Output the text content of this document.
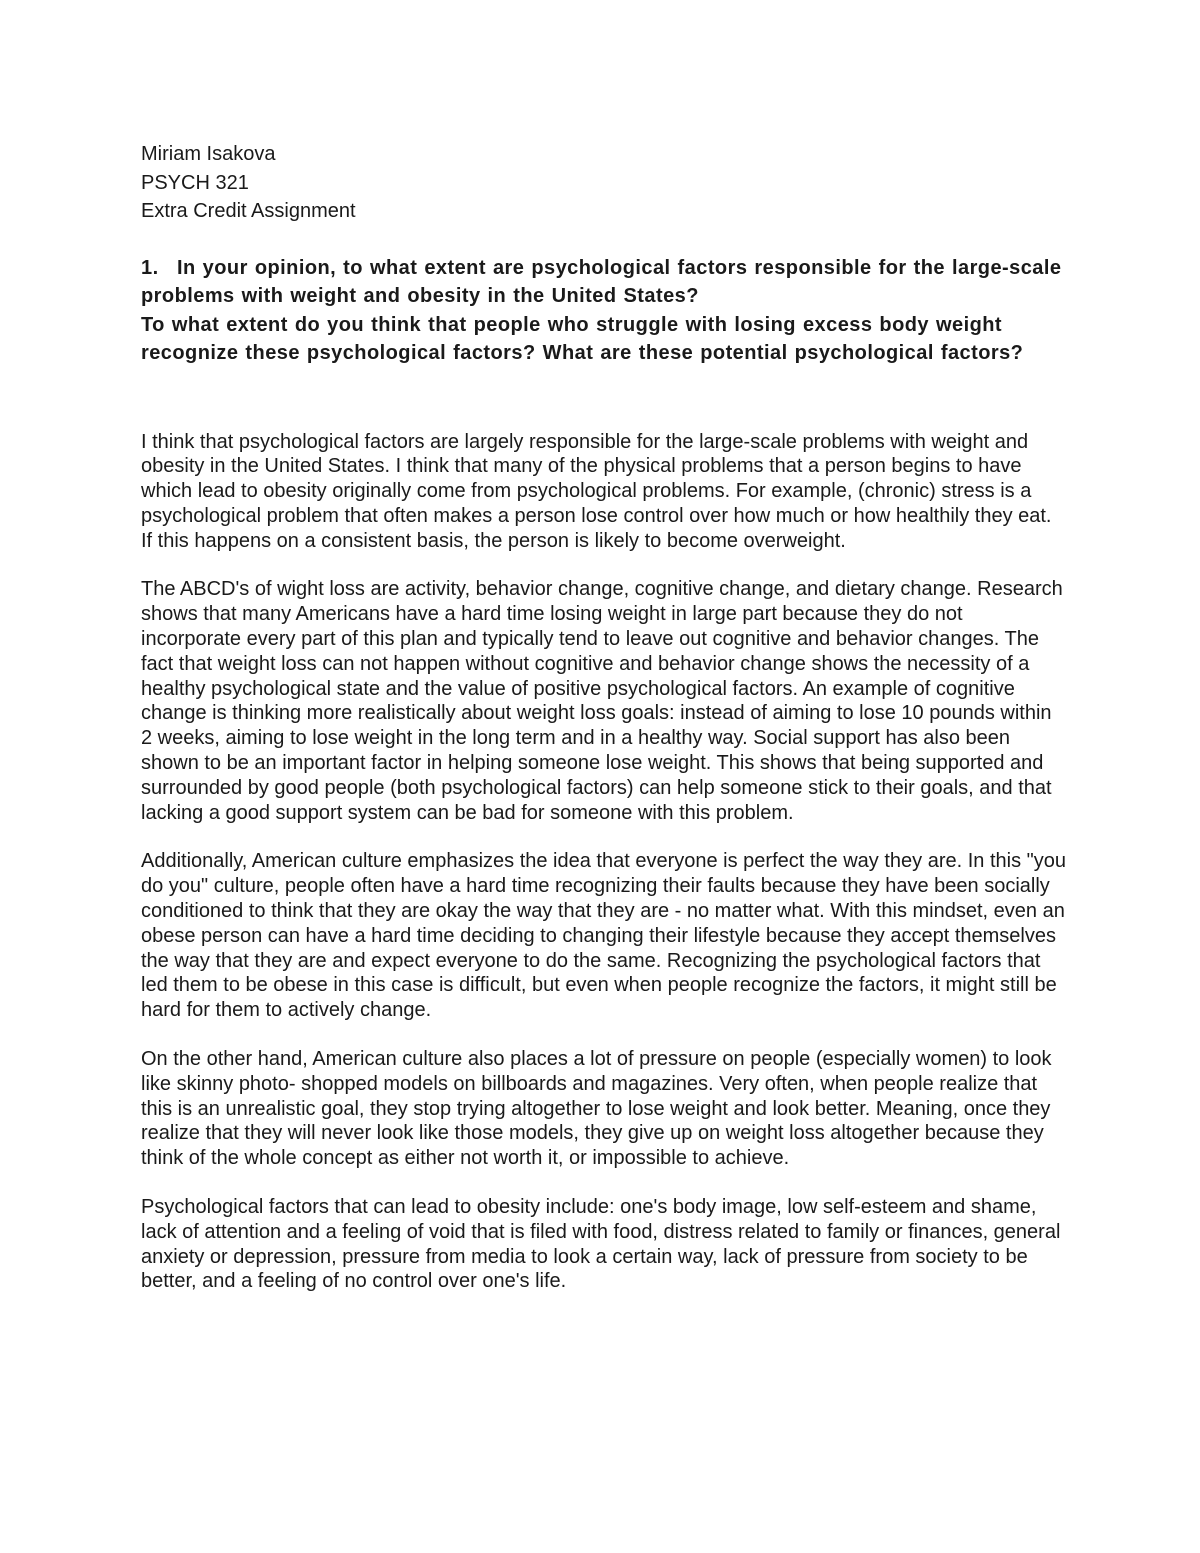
Miriam Isakova

PSYCH 321

Extra Credit Assignment

1. In your opinion, to what extent are psychological factors responsible for the large-scale problems with weight and obesity in the United States?

To what extent do you think that people who struggle with losing excess body weight recognize these psychological factors? What are these potential psychological factors?

I think that psychological factors are largely responsible for the large-scale problems with weight and obesity in the United States. I think that many of the physical problems that a person begins to have which lead to obesity originally come from psychological problems. For example, (chronic) stress is a psychological problem that often makes a person lose control over how much or how healthily they eat. If this happens on a consistent basis, the person is likely to become overweight.

The ABCD's of wight loss are activity, behavior change, cognitive change, and dietary change. Research shows that many Americans have a hard time losing weight in large part because they do not incorporate every part of this plan and typically tend to leave out cognitive and behavior changes. The fact that weight loss can not happen without cognitive and behavior change shows the necessity of a healthy psychological state and the value of positive psychological factors. An example of cognitive change is thinking more realistically about weight loss goals: instead of aiming to lose 10 pounds within 2 weeks, aiming to lose weight in the long term and in a healthy way. Social support has also been shown to be an important factor in helping someone lose weight. This shows that being supported and surrounded by good people (both psychological factors) can help someone stick to their goals, and that lacking a good support system can be bad for someone with this problem.

Additionally, American culture emphasizes the idea that everyone is perfect the way they are. In this "you do you" culture, people often have a hard time recognizing their faults because they have been socially conditioned to think that they are okay the way that they are - no matter what. With this mindset, even an obese person can have a hard time deciding to changing their lifestyle because they accept themselves the way that they are and expect everyone to do the same. Recognizing the psychological factors that led them to be obese in this case is difficult, but even when people recognize the factors, it might still be hard for them to actively change.

On the other hand, American culture also places a lot of pressure on people (especially women) to look like skinny photo- shopped models on billboards and magazines. Very often, when people realize that this is an unrealistic goal, they stop trying altogether to lose weight and look better. Meaning, once they realize that they will never look like those models, they give up on weight loss altogether because they think of the whole concept as either not worth it, or impossible to achieve.

Psychological factors that can lead to obesity include: one's body image, low self-esteem and shame, lack of attention and a feeling of void that is filed with food, distress related to family or finances, general anxiety or depression, pressure from media to look a certain way, lack of pressure from society to be better, and a feeling of no control over one's life.
